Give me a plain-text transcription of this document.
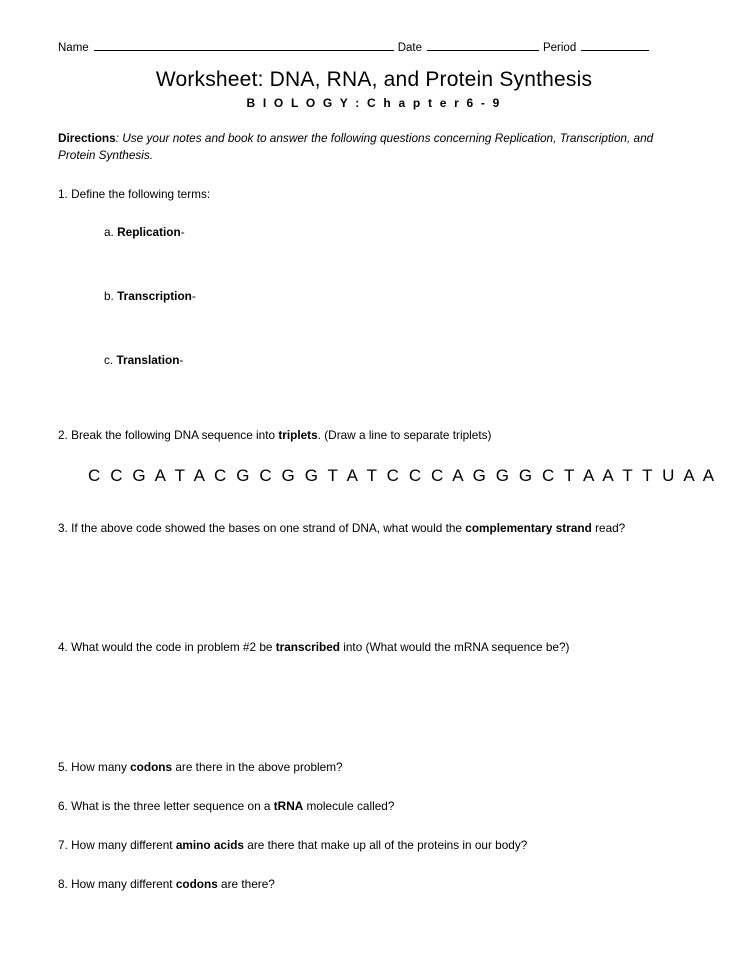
Name	Date	Period
Worksheet: DNA, RNA, and Protein Synthesis
B I O L O G Y : C h a p t e r 6 - 9
Directions: Use your notes and book to answer the following questions concerning Replication, Transcription, and Protein Synthesis.
1. Define the following terms:
a. Replication-
b. Transcription-
c. Translation-
2. Break the following DNA sequence into triplets. (Draw a line to separate triplets)
C C G A T A C G C G G T A T C C C A G G G C T A A T T U A A
3. If the above code showed the bases on one strand of DNA, what would the complementary strand read?
4. What would the code in problem #2 be transcribed into (What would the mRNA sequence be?)
5. How many codons are there in the above problem?
6. What is the three letter sequence on a tRNA molecule called?
7. How many different amino acids are there that make up all of the proteins in our body?
8. How many different codons are there?
